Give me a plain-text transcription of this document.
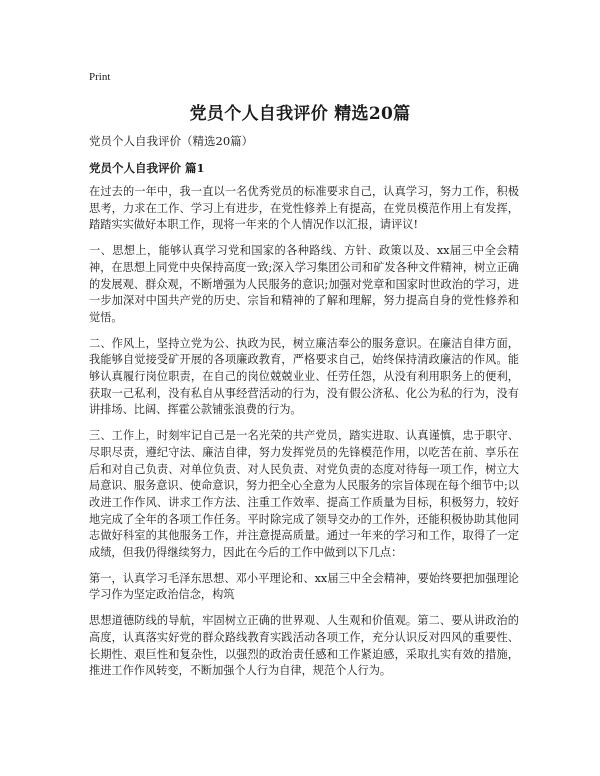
Print
党员个人自我评价 精选20篇
党员个人自我评价（精选20篇）
党员个人自我评价 篇1

在过去的一年中，我一直以一名优秀党员的标准要求自己，认真学习，努力工作，积极思考，力求在工作、学习上有进步，在党性修养上有提高，在党员模范作用上有发挥，踏踏实实做好本职工作，现将一年来的个人情况作以汇报，请评议!

一、思想上，能够认真学习党和国家的各种路线、方针、政策以及、xx届三中全会精神，在思想上同党中央保持高度一致;深入学习集团公司和矿发各种文件精神，树立正确的发展观、群众观，不断增强为人民服务的意识;加强对党章和国家时世政治的学习，进一步加深对中国共产党的历史、宗旨和精神的了解和理解，努力提高自身的党性修养和觉悟。

二、作风上，坚持立党为公、执政为民，树立廉洁奉公的服务意识。在廉洁自律方面，我能够自觉接受矿开展的各项廉政教育，严格要求自己，始终保持清政廉洁的作风。能够认真履行岗位职责，在自己的岗位兢兢业业、任劳任怨，从没有利用职务上的便利，获取一己私利，没有私自从事经营活动的行为，没有假公济私、化公为私的行为，没有讲排场、比阔、挥霍公款铺张浪费的行为。

三、工作上，时刻牢记自己是一名光荣的共产党员，踏实进取、认真谨慎，忠于职守、尽职尽责，遵纪守法、廉洁自律，努力发挥党员的先锋模范作用，以吃苦在前、享乐在后和对自己负责、对单位负责、对人民负责、对党负责的态度对待每一项工作，树立大局意识、服务意识、使命意识，努力把全心全意为人民服务的宗旨体现在每个细节中;以改进工作作风、讲求工作方法、注重工作效率、提高工作质量为目标，积极努力，较好地完成了全年的各项工作任务。平时除完成了领导交办的工作外，还能积极协助其他同志做好科室的其他服务工作，并注意提高质量。通过一年来的学习和工作，取得了一定成绩，但我仍得继续努力，因此在今后的工作中做到以下几点：

第一，认真学习毛泽东思想、邓小平理论和、xx届三中全会精神，要始终要把加强理论学习作为坚定政治信念，构筑

思想道德防线的导航，牢固树立正确的世界观、人生观和价值观。第二、要从讲政治的高度，认真落实好党的群众路线教育实践活动各项工作，充分认识反对四风的重要性、长期性、艰巨性和复杂性，以强烈的政治责任感和工作紧迫感，采取扎实有效的措施，推进工作作风转变，不断加强个人行为自律，规范个人行为。
